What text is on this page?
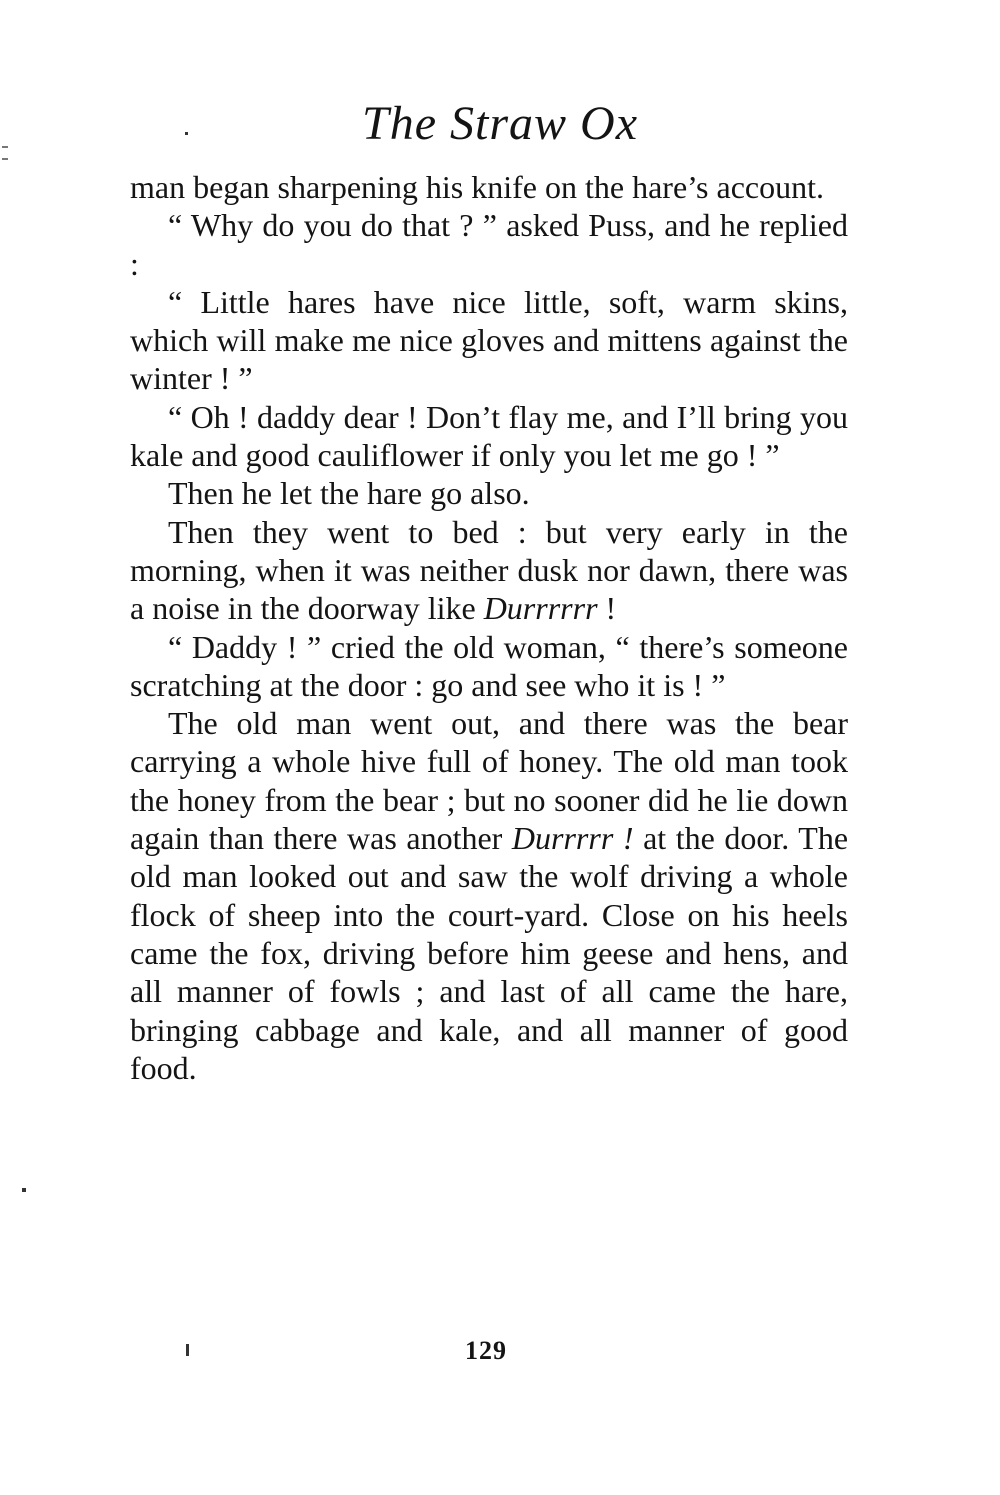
The Straw Ox

man began sharpening his knife on the hare’s account.

“ Why do you do that ? ” asked Puss, and he replied :

“ Little hares have nice little, soft, warm skins, which will make me nice gloves and mittens against the winter ! ”

“ Oh ! daddy dear ! Don’t flay me, and I’ll bring you kale and good cauliflower if only you let me go ! ”

Then he let the hare go also.

Then they went to bed : but very early in the morning, when it was neither dusk nor dawn, there was a noise in the doorway like Durrrrrr !

“ Daddy ! ” cried the old woman, “ there’s someone scratching at the door : go and see who it is ! ”

The old man went out, and there was the bear carrying a whole hive full of honey. The old man took the honey from the bear ; but no sooner did he lie down again than there was another Durrrrr ! at the door. The old man looked out and saw the wolf driving a whole flock of sheep into the court-yard. Close on his heels came the fox, driving before him geese and hens, and all manner of fowls ; and last of all came the hare, bringing cabbage and kale, and all manner of good food.

129
